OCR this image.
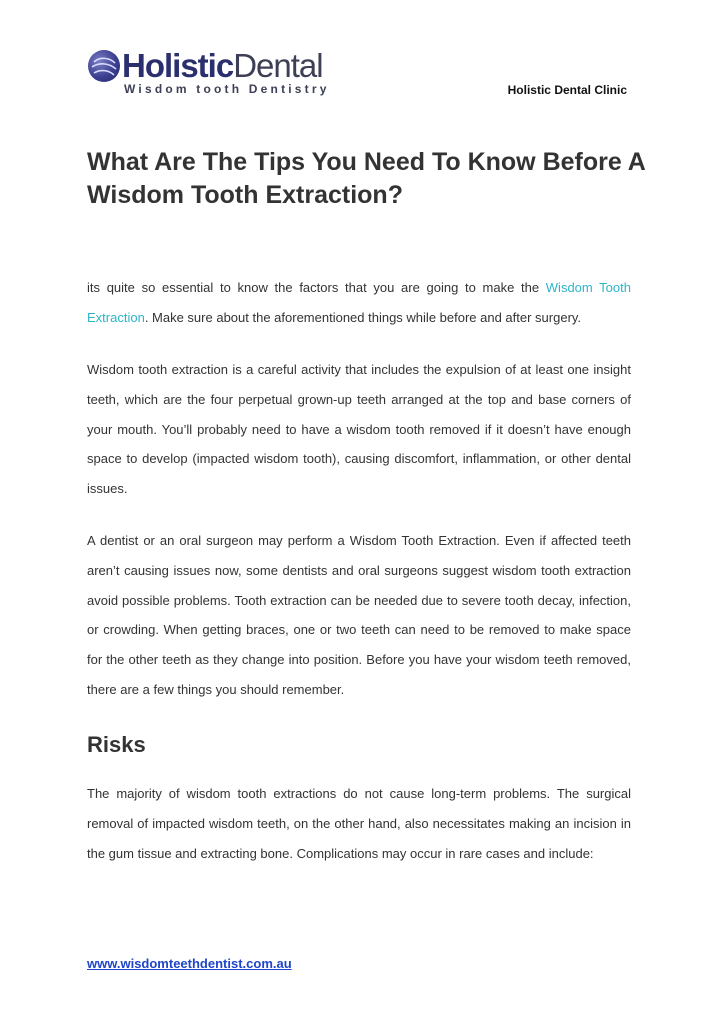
HolisticDental
Wisdom tooth Dentistry	Holistic Dental Clinic
What Are The Tips You Need To Know Before A Wisdom Tooth Extraction?

its quite so essential to know the factors that you are going to make the Wisdom Tooth Extraction. Make sure about the aforementioned things while before and after surgery.

Wisdom tooth extraction is a careful activity that includes the expulsion of at least one insight teeth, which are the four perpetual grown-up teeth arranged at the top and base corners of your mouth. You’ll probably need to have a wisdom tooth removed if it doesn’t have enough space to develop (impacted wisdom tooth), causing discomfort, inflammation, or other dental issues.

A dentist or an oral surgeon may perform a Wisdom Tooth Extraction. Even if affected teeth aren’t causing issues now, some dentists and oral surgeons suggest wisdom tooth extraction avoid possible problems. Tooth extraction can be needed due to severe tooth decay, infection, or crowding. When getting braces, one or two teeth can need to be removed to make space for the other teeth as they change into position. Before you have your wisdom teeth removed, there are a few things you should remember.

Risks

The majority of wisdom tooth extractions do not cause long-term problems. The surgical removal of impacted wisdom teeth, on the other hand, also necessitates making an incision in the gum tissue and extracting bone. Complications may occur in rare cases and include:

www.wisdomteethdentist.com.au
